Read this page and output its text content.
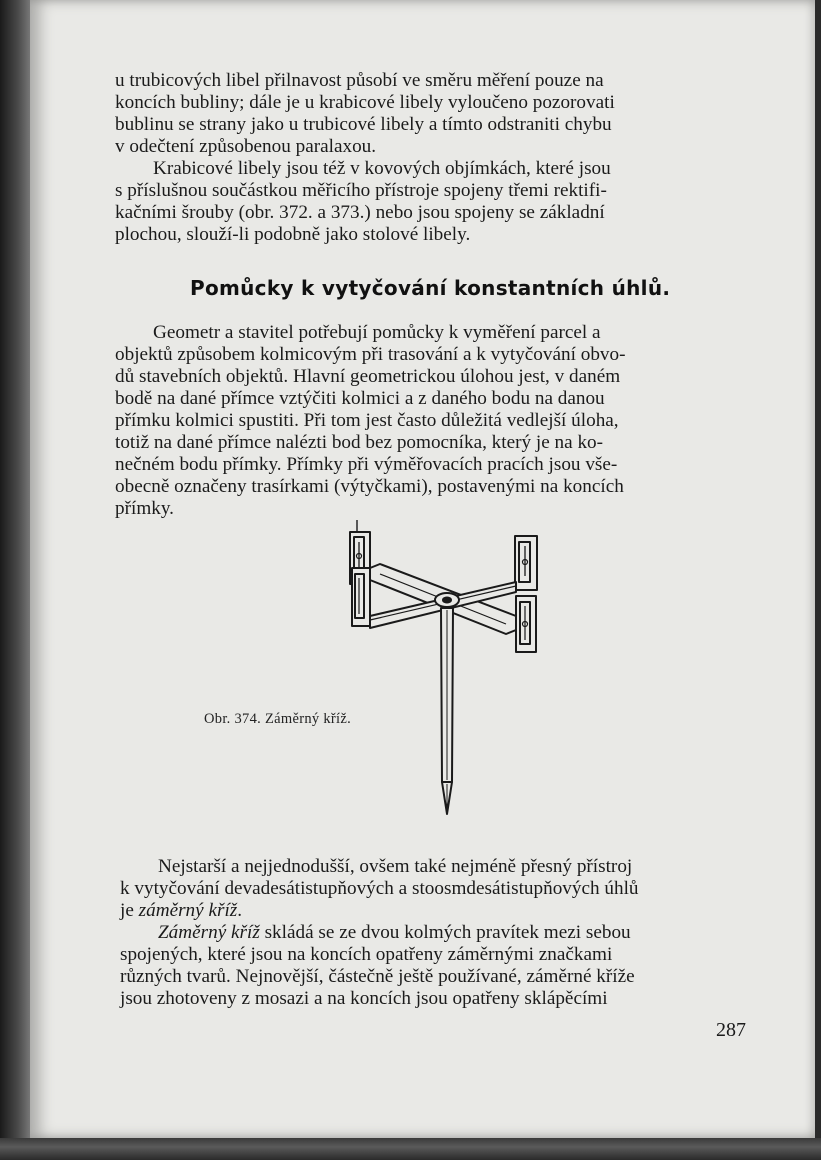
u trubicových libel přilnavost působí ve směru měření pouze na

koncích bubliny; dále je u krabicové libely vyloučeno pozorovati

bublinu se strany jako u trubicové libely a tímto odstraniti chybu

v odečtení způsobenou paralaxou.

Krabicové libely jsou též v kovových objímkách, které jsou

s příslušnou součástkou měřicího přístroje spojeny třemi rektifi-

kačními šrouby (obr. 372. a 373.) nebo jsou spojeny se základní

plochou, slouží-li podobně jako stolové libely.

Pomůcky k vytyčování konstantních úhlů.

Geometr a stavitel potřebují pomůcky k vyměření parcel a

objektů způsobem kolmicovým při trasování a k vytyčování obvo-

dů stavebních objektů. Hlavní geometrickou úlohou jest, v daném

bodě na dané přímce vztýčiti kolmici a z daného bodu na danou

přímku kolmici spustiti. Při tom jest často důležitá vedlejší úloha,

totiž na dané přímce nalézti bod bez pomocníka, který je na ko-

nečném bodu přímky. Přímky při výměřovacích pracích jsou vše-

obecně označeny trasírkami (výtyčkami), postavenými na koncích

přímky.

Obr. 374. Záměrný kříž.

Nejstarší a nejjednodušší, ovšem také nejméně přesný přístroj

k vytyčování devadesátistupňových a stoosmdesátistupňových úhlů

je záměrný kříž.

Záměrný kříž skládá se ze dvou kolmých pravítek mezi sebou

spojených, které jsou na koncích opatřeny záměrnými značkami

různých tvarů. Nejnovější, částečně ještě používané, záměrné kříže

jsou zhotoveny z mosazi a na koncích jsou opatřeny sklápěcími

287
